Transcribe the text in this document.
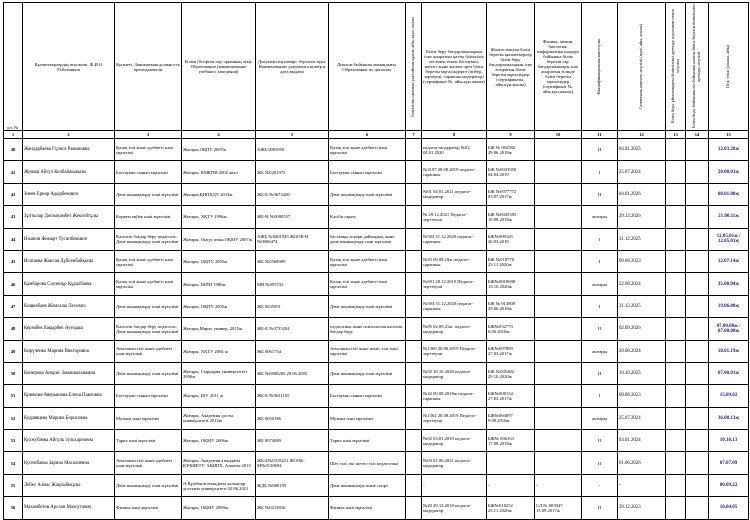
р/с №	Қызметкерлердің аты-жөні, Ф.И.О Работников	Қызметі. Занимаемая должность преподаватели	Білімі (бітірген оқу орнының аты). Образование (наименование учебного заведения)	Документтің нөмірі, берілген күні. Наименование документа номер и дата выдачи	Диплом бойынша мамандығы. Образование по диплому	Біліктілік санатын растайтын құжат, айы, күні, жылы	Білім беру бағдарламаларын іске асыратын қатты біліктілік тестінен өткен бастауыш, негізгі және жалпы орта білім беретін мұғалімдерге (пибер, зертеуші, сарапшы,модератор)(сертификат №, айы,күн,жылы)	Жалғастықтан білім беретін қызметкерлер білім беру бағдарламаларын іске асыратын білім беретін мұғалімдер (сертификаты, айы,күн,жылы)	Физика, химия, биология, информатика пәндері бойынша білім беретін оқу бағдарламалары іске асыратын тілінде білім беретін мұғалімдер (сертификат №, айы,күн,жылы)	Квалификационная категория	Санаттына аяқталу мерзімі (күні, айы, жылы)	Білім беру ұйымындағы біліктілікті арттыру курсынан өткен мерзімі	Білім беру бойынша тіл бойынша жалпы білім беретін біліктілікті арттыру мерзімі	Пед. стаж (жылы, айы)

1	2	3	4	5	6	7	8	9	10	11	12	13	14	15
40	Жандарбаева Гүлноз Рамановна	Қазақ тілі және әдебиеті пәні мұғалімі	Жоғары,ОҚПУ 2007ж	АЖБ 0005959	Қазақ тілі және әдебиеті пәні мұғалімі		педагог-модератор №02 04.01.2020	БЖ № 002582 29.06.2018ж		II	04.01.2025			12.03.28ж
41	Жумаш Айгул Колбайжыкызы	Бастауыш сынып мұғалімі	Жоғары, КМКПИ 2002 жыл	ЖБ №0201975	Бастауыш сынып мұғалімі		№3197 28.08.2019 педагог-сарапшы	БЖ №0033958 04.04.2019		I	25.07.2024			20.00.03ж
42	Зиеев Ернар Адырбекович	Дене шынықтыру пәні мұғалімі	Жоғары,ҚИПХДУ 2014ж	ЖБ-Б №0673420	Дене шынықтыру пәні мұғалімі		№01 04.01.2021 педагог-модератор	БЖ №0077772 03.07.2017ж		II	04.01.2026			08.01.00ж
43	Зұлтылар Досмағамбет Жексейтұлы	Көркем еңбек пәні мұғалімі	Жоғары, ХҚТУ 1996ж.	ЖБ-Н №0080557	Кәсіби оқыту		№ 29.12.2021 Педагог-зерттеуші	БЖ №0045585 10.08.2018ж		жоғары	29.12.2026			21.00.11ж
44	Ижанов Жомарт Тусипбекович	Кәсіптік бағдар беру педагогы; Дене шынықтыру пәні мұғалімі	Жоғары, Оңтүс атын.ОҚМУ 2007ж.	АЖБ №0201943 ЖООК-Н №0066474	бастапқы әскери дайындық және дене шынықтыру пәні мұғалімі		№504 31.12.2020 педагог-сарапшы	БЖ№009165 20.03.2018		I	31.12.2025			12.05.01ж / 12.05.01ж
45	Исатаева Жансая Дүйсенбайқызы	Қазақ тілі және әдебиеті пәні мұғалімі	Жоғары, ОҚПУ 2005ж.	ЖБ №0568989	Қазақ тілі және әдебиеті пәні мұғалімі		№45 09.08.18ж педагог-сарапшы	БЖ №018778 23.11.2020ж		I	09.08.2023			12.07.14ж
46	Қамбарова Сәуленұр Құралбаева	Қазақ тілі және әдебиеті пәні мұғалімі	Жоғары, ШПИ 1986ж.	МВ №095733	Қазақ тілі және әдебиеті пәні мұғалімі		№691 28.12.2019 Педагог-зерттеуші	БЖ№0018698 13.10.2020ж		жоғары	22.08.2024			35.08.04ж
47	Көшкебаев Жомсалы Лесович	Дене шынықтыру пәні мұғалімі	Жоғары, ОҚПУ 2005ж	ЖБ 0635951	Дене шынықтыру пәні мұғалімі		№504 31.12.2020 педагог-сарапшы	БЖ № 013808 29.06.2018ж		I	31.12.2025			19.06.00ж
48	Керімбек Бақырбек Әуездаш	Кәсіптік бағдар беру педагогы; Дене шынықтыру пәні мұғалімі	Жоғары,Мирас универ, 2015ж.	ЖБ-Б №0735204	педагогика және психология кәсіптік бағдар беру		№05 02.09.21ж. педагог-модератор	БЖ№032773 6.06.2018ж		II	02.09.2026			07.00.00ж / 07.00.00ж
49	Кирүченко Марина Викторовна	Ағылшын тілі және әдебиеті пәні мұғалімі	Жоғары, ХҚТУ 2004 ж	ЖБ 0061734	Ағылшын тілі және неміс тілі пәні мұғалімі		№1369 20.08.2019 Педагог-зерттеуші	БЖ№007809 27.03.2017ж		жоғары	20.08.2024			18.01.19ж
50	Копирова Анкрис Замашылыковна	Дене шынықтыру пәні мұғалімі	Жоғары, Сырдария университеті 2006ж	ЖБ №0008206 28.06.2005	Дене шынықтыру пәні мұғалімі		№02 10.10.2020 педагог-модератор	БЖ №005482 29.10.2020ж		II	10.10.2025			07.00.01ж
51	Крюкова-Аверьянова Елена Павловна	Бастауыш сынып мұғалімі	Жоғары, ШУ 2011 ж	ЖБ-Б №0631105	Бастауыш сынып мұғалімі		№42 09.08.2018ж педагог-сарапшы	БЖ№008154 27.03.2017ж		I	09.08.2023			15.09.02
52	Кудрявцева Марина Борисовна	Музыка пәні мұғалімі	Жоғары, Академия досты университеті 2012ж	ЖБ 0650186	Музыка пәні мұғалімі		№1362 20.08.2019 Педагог-зерттеуші	БЖ№004097 9.08.2016ж		жоғары	25.07.2024			36.00.13ж
53	Кулжубаева Айгуль Зульхарновна	Тарих пәні мұғалімі	Жоғары, ОҚМУ 2006ж	ЖБ 0074689	Тарих пәні мұғалімі		№02 03.01.2019 педагог-модератор	БЖ№ 006333 17.08.2018ж		II	03.01.2024			10.10.13
54	Кусембаева Зарина Масалиевна	Ағылшын тілі және әдебиеті пәні мұғалімі	Жоғары, Академия атындағы ҚҰКФЕТУ. АҚИПХ, Алматы 2015	ЖБ-Б№0318221 ЖООК-М№0138694	Шет тілі, екі шетел тілі педагогика		№03 01.06.2021 педагог-модератор			II	01.06.2026			07.07.09
55	Лебес Алмас Жақсыбекұлы	Дене шынықтыру пәні мұғалімі	Ә.Құлбеков атындағы халықтар достығы университеті 02.06.2021	ЖДБ №000195	Дене шынықтыру және спорт		-	-	-	-	-			00.09.22
56	Махамбетов Арслан Махсутович	Физика пәні мұғалімі	Жоғары, ОҚМУ 2009ж.	ЖБ №0213836	Физика пәні мұғалімі		№20 29.12.2018 педагог-модератор	БЖ№018252 23.11.2020ж	СЛ № 003947 13.09.2017ж	II	29.12.2023			10.04.05
